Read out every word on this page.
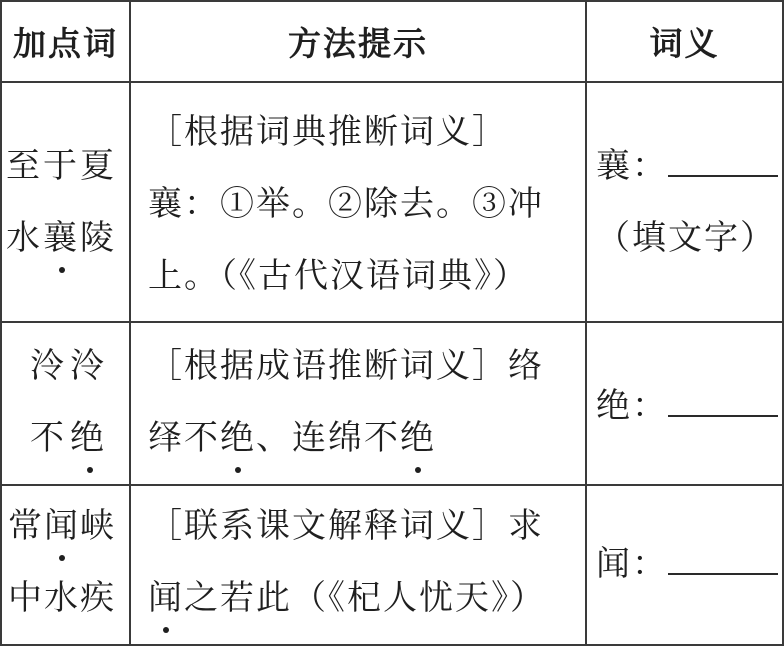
加点词	方法提示	词义
至于夏
水襄陵
［根据词典推断词义］
襄：①举。②除去。③冲
上。（《古代汉语词典》）
襄：
（填文字）
泠泠
不绝
［根据成语推断词义］络
绎不绝、连绵不绝
绝：
常闻峡
中水疾
［联系课文解释词义］求
闻之若此（《杞人忧天》）
闻：
